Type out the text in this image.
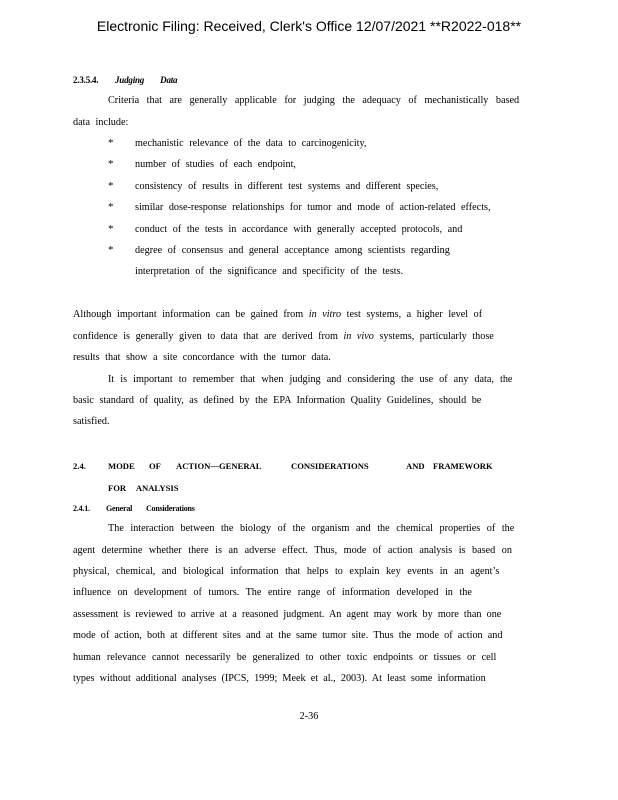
Electronic Filing: Received, Clerk's Office 12/07/2021 **R2022-018**
2.3.5.4. Judging Data
Criteria that are generally applicable for judging the adequacy of mechanistically based
data include:
* mechanistic relevance of the data to carcinogenicity,
* number of studies of each endpoint,
* consistency of results in different test systems and different species,
* similar dose-response relationships for tumor and mode of action-related effects,
* conduct of the tests in accordance with generally accepted protocols, and
* degree of consensus and general acceptance among scientists regarding
interpretation of the significance and specificity of the tests.
Although important information can be gained from in vitro test systems, a higher level of
confidence is generally given to data that are derived from in vivo systems, particularly those
results that show a site concordance with the tumor data.
It is important to remember that when judging and considering the use of any data, the
basic standard of quality, as defined by the EPA Information Quality Guidelines, should be
satisfied.
2.4.	MODE OF ACTION—GENERAL	CONSIDERATIONS	AND FRAMEWORK
FOR ANALYSIS
2.4.1. General Considerations
The interaction between the biology of the organism and the chemical properties of the
agent determine whether there is an adverse effect. Thus, mode of action analysis is based on
physical, chemical, and biological information that helps to explain key events in an agent’s
influence on development of tumors. The entire range of information developed in the
assessment is reviewed to arrive at a reasoned judgment. An agent may work by more than one
mode of action, both at different sites and at the same tumor site. Thus the mode of action and
human relevance cannot necessarily be generalized to other toxic endpoints or tissues or cell
types without additional analyses (IPCS, 1999; Meek et al., 2003). At least some information
2-36
